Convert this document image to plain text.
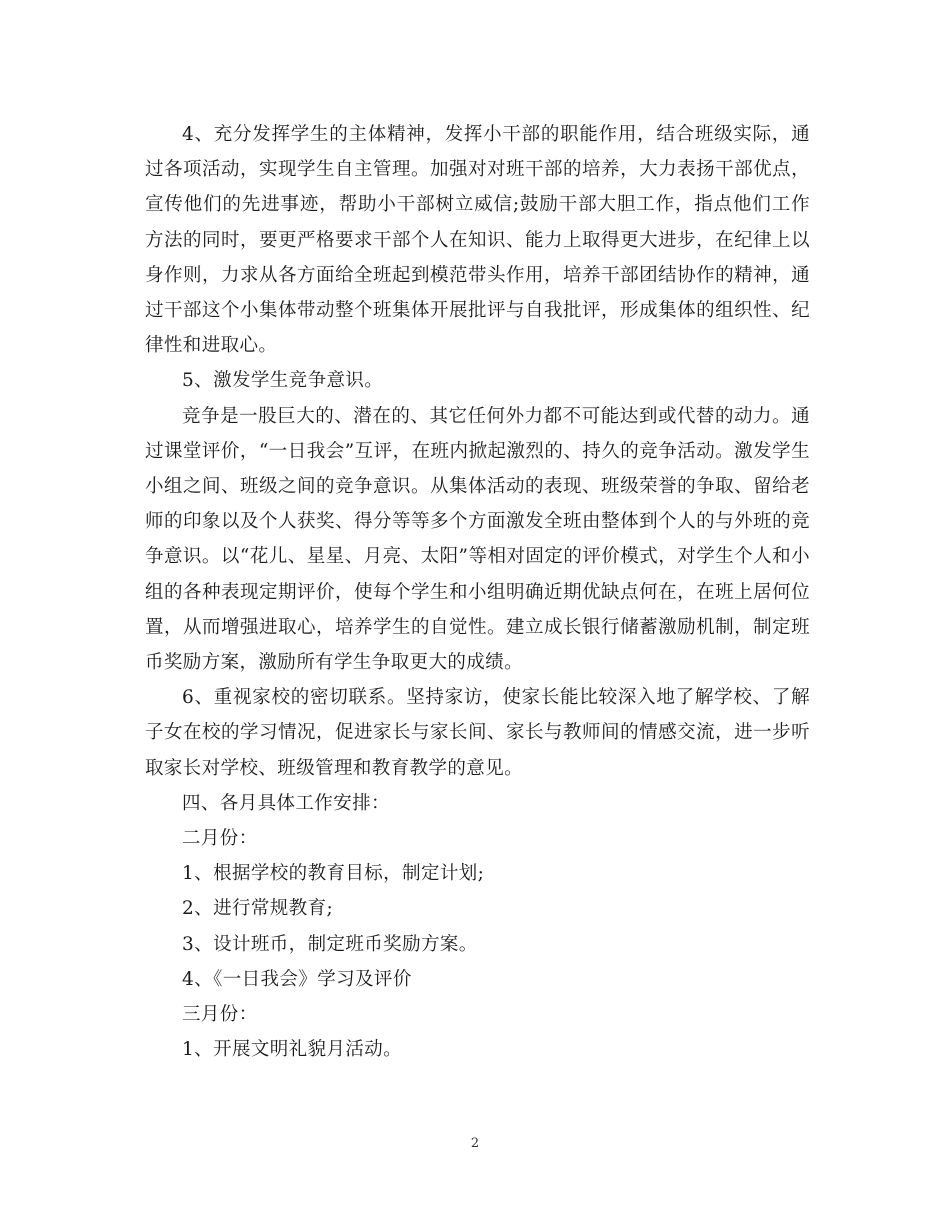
4、充分发挥学生的主体精神，发挥小干部的职能作用，结合班级实际，通过各项活动，实现学生自主管理。加强对对班干部的培养，大力表扬干部优点，宣传他们的先进事迹，帮助小干部树立威信;鼓励干部大胆工作，指点他们工作方法的同时，要更严格要求干部个人在知识、能力上取得更大进步，在纪律上以身作则，力求从各方面给全班起到模范带头作用，培养干部团结协作的精神，通过干部这个小集体带动整个班集体开展批评与自我批评，形成集体的组织性、纪律性和进取心。

5、激发学生竞争意识。

竞争是一股巨大的、潜在的、其它任何外力都不可能达到或代替的动力。通过课堂评价，“一日我会”互评，在班内掀起激烈的、持久的竞争活动。激发学生小组之间、班级之间的竞争意识。从集体活动的表现、班级荣誉的争取、留给老师的印象以及个人获奖、得分等等多个方面激发全班由整体到个人的与外班的竞争意识。以“花儿、星星、月亮、太阳”等相对固定的评价模式，对学生个人和小组的各种表现定期评价，使每个学生和小组明确近期优缺点何在，在班上居何位置，从而增强进取心，培养学生的自觉性。建立成长银行储蓄激励机制，制定班币奖励方案，激励所有学生争取更大的成绩。

6、重视家校的密切联系。坚持家访，使家长能比较深入地了解学校、了解子女在校的学习情况，促进家长与家长间、家长与教师间的情感交流，进一步听取家长对学校、班级管理和教育教学的意见。

四、各月具体工作安排：

二月份：

1、根据学校的教育目标，制定计划;

2、进行常规教育;

3、设计班币，制定班币奖励方案。

4、《一日我会》学习及评价

三月份：

1、开展文明礼貌月活动。

2
